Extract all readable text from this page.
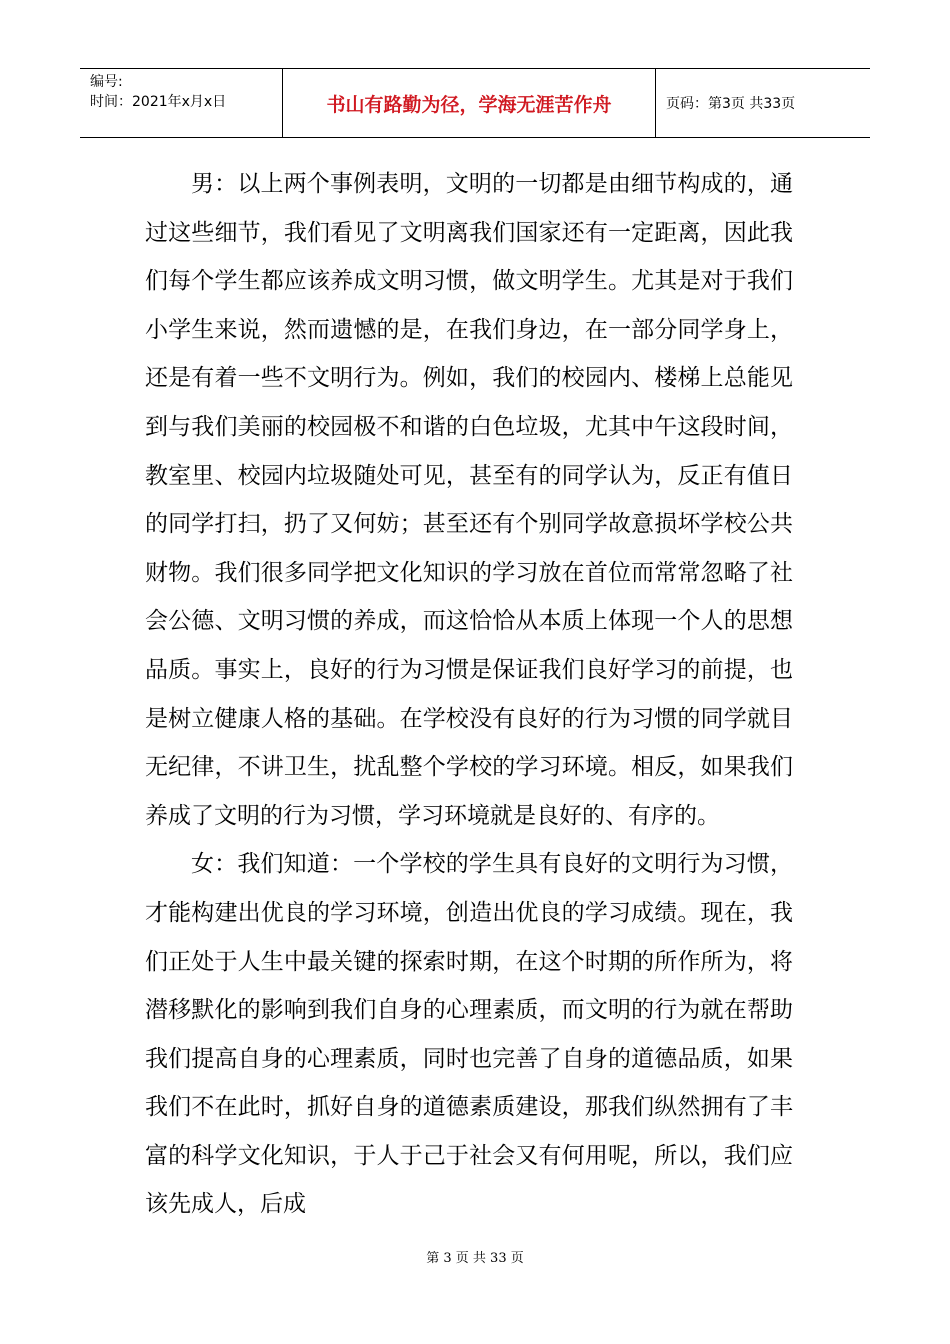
编号:
时间：2021年x月x日	书山有路勤为径，学海无涯苦作舟	页码：第3页 共33页

男：以上两个事例表明，文明的一切都是由细节构成的，通过这些细节，我们看见了文明离我们国家还有一定距离，因此我们每个学生都应该养成文明习惯，做文明学生。尤其是对于我们小学生来说，然而遗憾的是，在我们身边，在一部分同学身上，还是有着一些不文明行为。例如，我们的校园内、楼梯上总能见到与我们美丽的校园极不和谐的白色垃圾，尤其中午这段时间，教室里、校园内垃圾随处可见，甚至有的同学认为，反正有值日的同学打扫，扔了又何妨；甚至还有个别同学故意损坏学校公共财物。我们很多同学把文化知识的学习放在首位而常常忽略了社会公德、文明习惯的养成，而这恰恰从本质上体现一个人的思想品质。事实上，良好的行为习惯是保证我们良好学习的前提，也是树立健康人格的基础。在学校没有良好的行为习惯的同学就目无纪律，不讲卫生，扰乱整个学校的学习环境。相反，如果我们养成了文明的行为习惯，学习环境就是良好的、有序的。

女：我们知道：一个学校的学生具有良好的文明行为习惯，才能构建出优良的学习环境，创造出优良的学习成绩。现在，我们正处于人生中最关键的探索时期，在这个时期的所作所为，将潜移默化的影响到我们自身的心理素质，而文明的行为就在帮助我们提高自身的心理素质，同时也完善了自身的道德品质，如果我们不在此时，抓好自身的道德素质建设，那我们纵然拥有了丰富的科学文化知识，于人于己于社会又有何用呢，所以，我们应该先成人，后成

第 3 页 共 33 页
